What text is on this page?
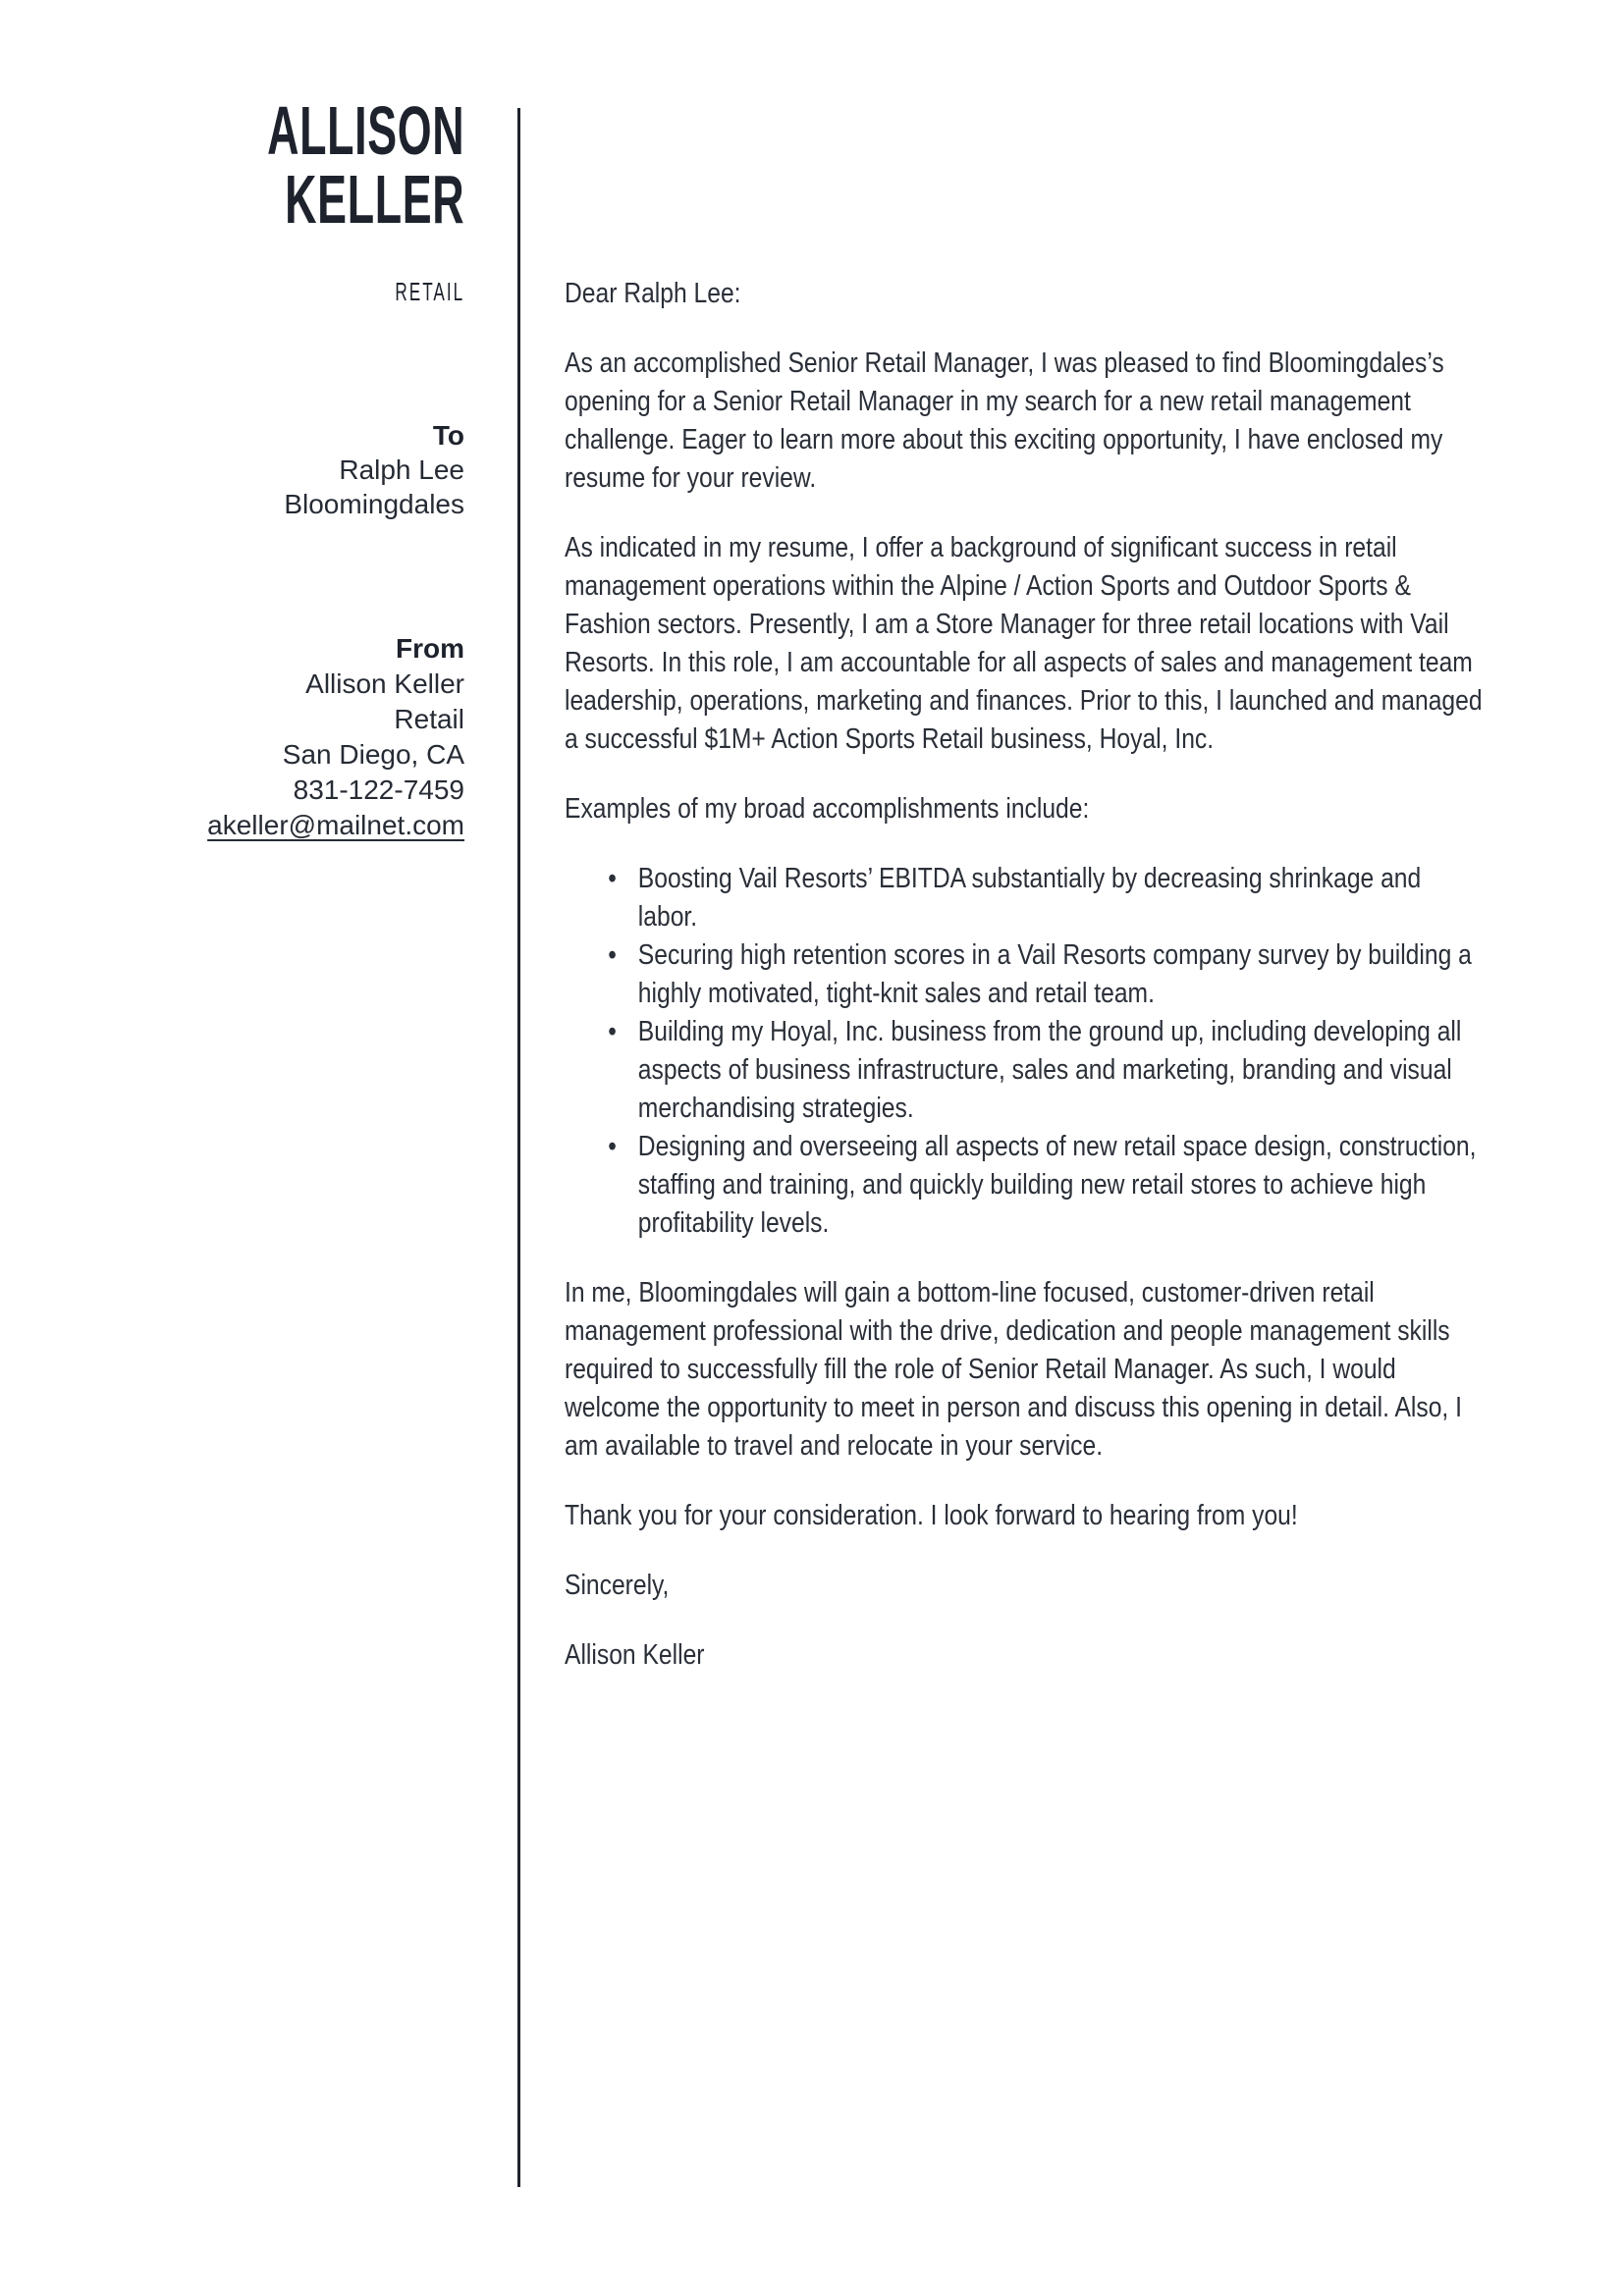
ALLISON
KELLER
RETAIL
To
Ralph Lee
Bloomingdales
From
Allison Keller
Retail
San Diego, CA
831-122-7459
akeller@mailnet.com

Dear Ralph Lee:

As an accomplished Senior Retail Manager, I was pleased to find Bloomingdales’s opening for a Senior Retail Manager in my search for a new retail management challenge. Eager to learn more about this exciting opportunity, I have enclosed my resume for your review.

As indicated in my resume, I offer a background of significant success in retail management operations within the Alpine / Action Sports and Outdoor Sports & Fashion sectors. Presently, I am a Store Manager for three retail locations with Vail Resorts. In this role, I am accountable for all aspects of sales and management team leadership, operations, marketing and finances. Prior to this, I launched and managed a successful $1M+ Action Sports Retail business, Hoyal, Inc.

Examples of my broad accomplishments include:

• Boosting Vail Resorts’ EBITDA substantially by decreasing shrinkage and labor.
• Securing high retention scores in a Vail Resorts company survey by building a highly motivated, tight-knit sales and retail team.
• Building my Hoyal, Inc. business from the ground up, including developing all aspects of business infrastructure, sales and marketing, branding and visual merchandising strategies.
• Designing and overseeing all aspects of new retail space design, construction, staffing and training, and quickly building new retail stores to achieve high profitability levels.

In me, Bloomingdales will gain a bottom-line focused, customer-driven retail management professional with the drive, dedication and people management skills required to successfully fill the role of Senior Retail Manager. As such, I would welcome the opportunity to meet in person and discuss this opening in detail. Also, I am available to travel and relocate in your service.

Thank you for your consideration. I look forward to hearing from you!

Sincerely,

Allison Keller
